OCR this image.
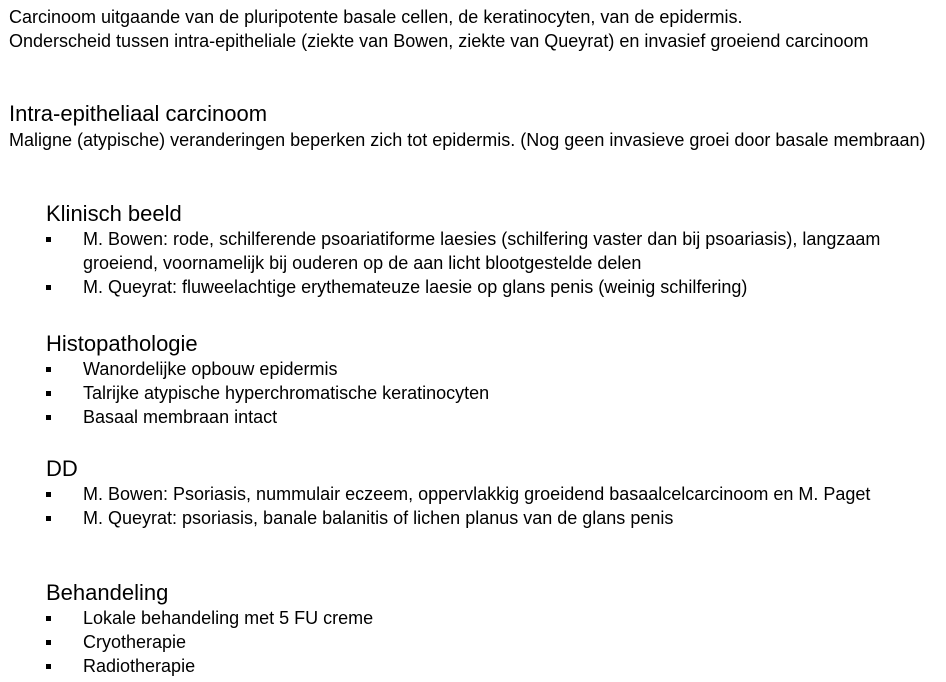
Carcinoom uitgaande van de pluripotente basale cellen, de keratinocyten, van de epidermis.

Onderscheid tussen intra-epitheliale (ziekte van Bowen, ziekte van Queyrat) en invasief groeiend carcinoom

Intra-epitheliaal carcinoom

Maligne (atypische) veranderingen beperken zich tot epidermis. (Nog geen invasieve groei door basale membraan)

Klinisch beeld
M. Bowen: rode, schilferende psoariatiforme laesies (schilfering vaster dan bij psoariasis), langzaam groeiend, voornamelijk bij ouderen op de aan licht blootgestelde delen
M. Queyrat: fluweelachtige erythemateuze laesie op glans penis (weinig schilfering)
Histopathologie
Wanordelijke opbouw epidermis
Talrijke atypische hyperchromatische keratinocyten
Basaal membraan intact
DD
M. Bowen: Psoriasis, nummulair eczeem, oppervlakkig groeidend basaalcelcarcinoom en M. Paget
M. Queyrat: psoriasis, banale balanitis of lichen planus van de glans penis
Behandeling
Lokale behandeling met 5 FU creme
Cryotherapie
Radiotherapie
